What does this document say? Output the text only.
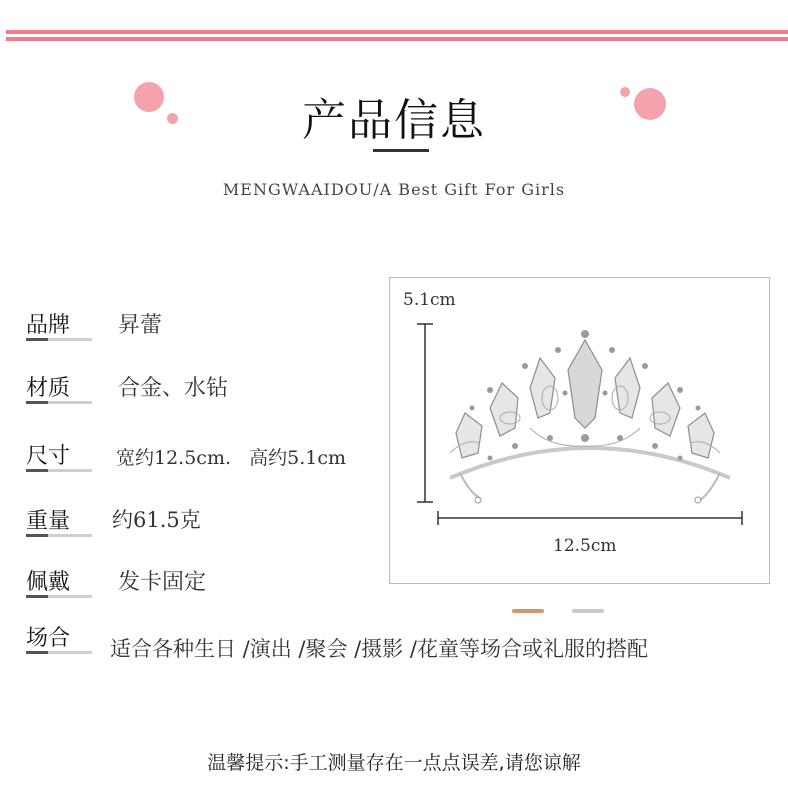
产品信息
MENGWAAIDOU/A Best Gift For Girls
品牌 昇蕾
材质 合金、水钻
尺寸 宽约12.5cm.   高约5.1cm
重量 约61.5克
佩戴 发卡固定
场合 适合各种生日 /演出 /聚会 /摄影 /花童等场合或礼服的搭配
5.1cm
12.5cm
温馨提示:手工测量存在一点点误差,请您谅解
